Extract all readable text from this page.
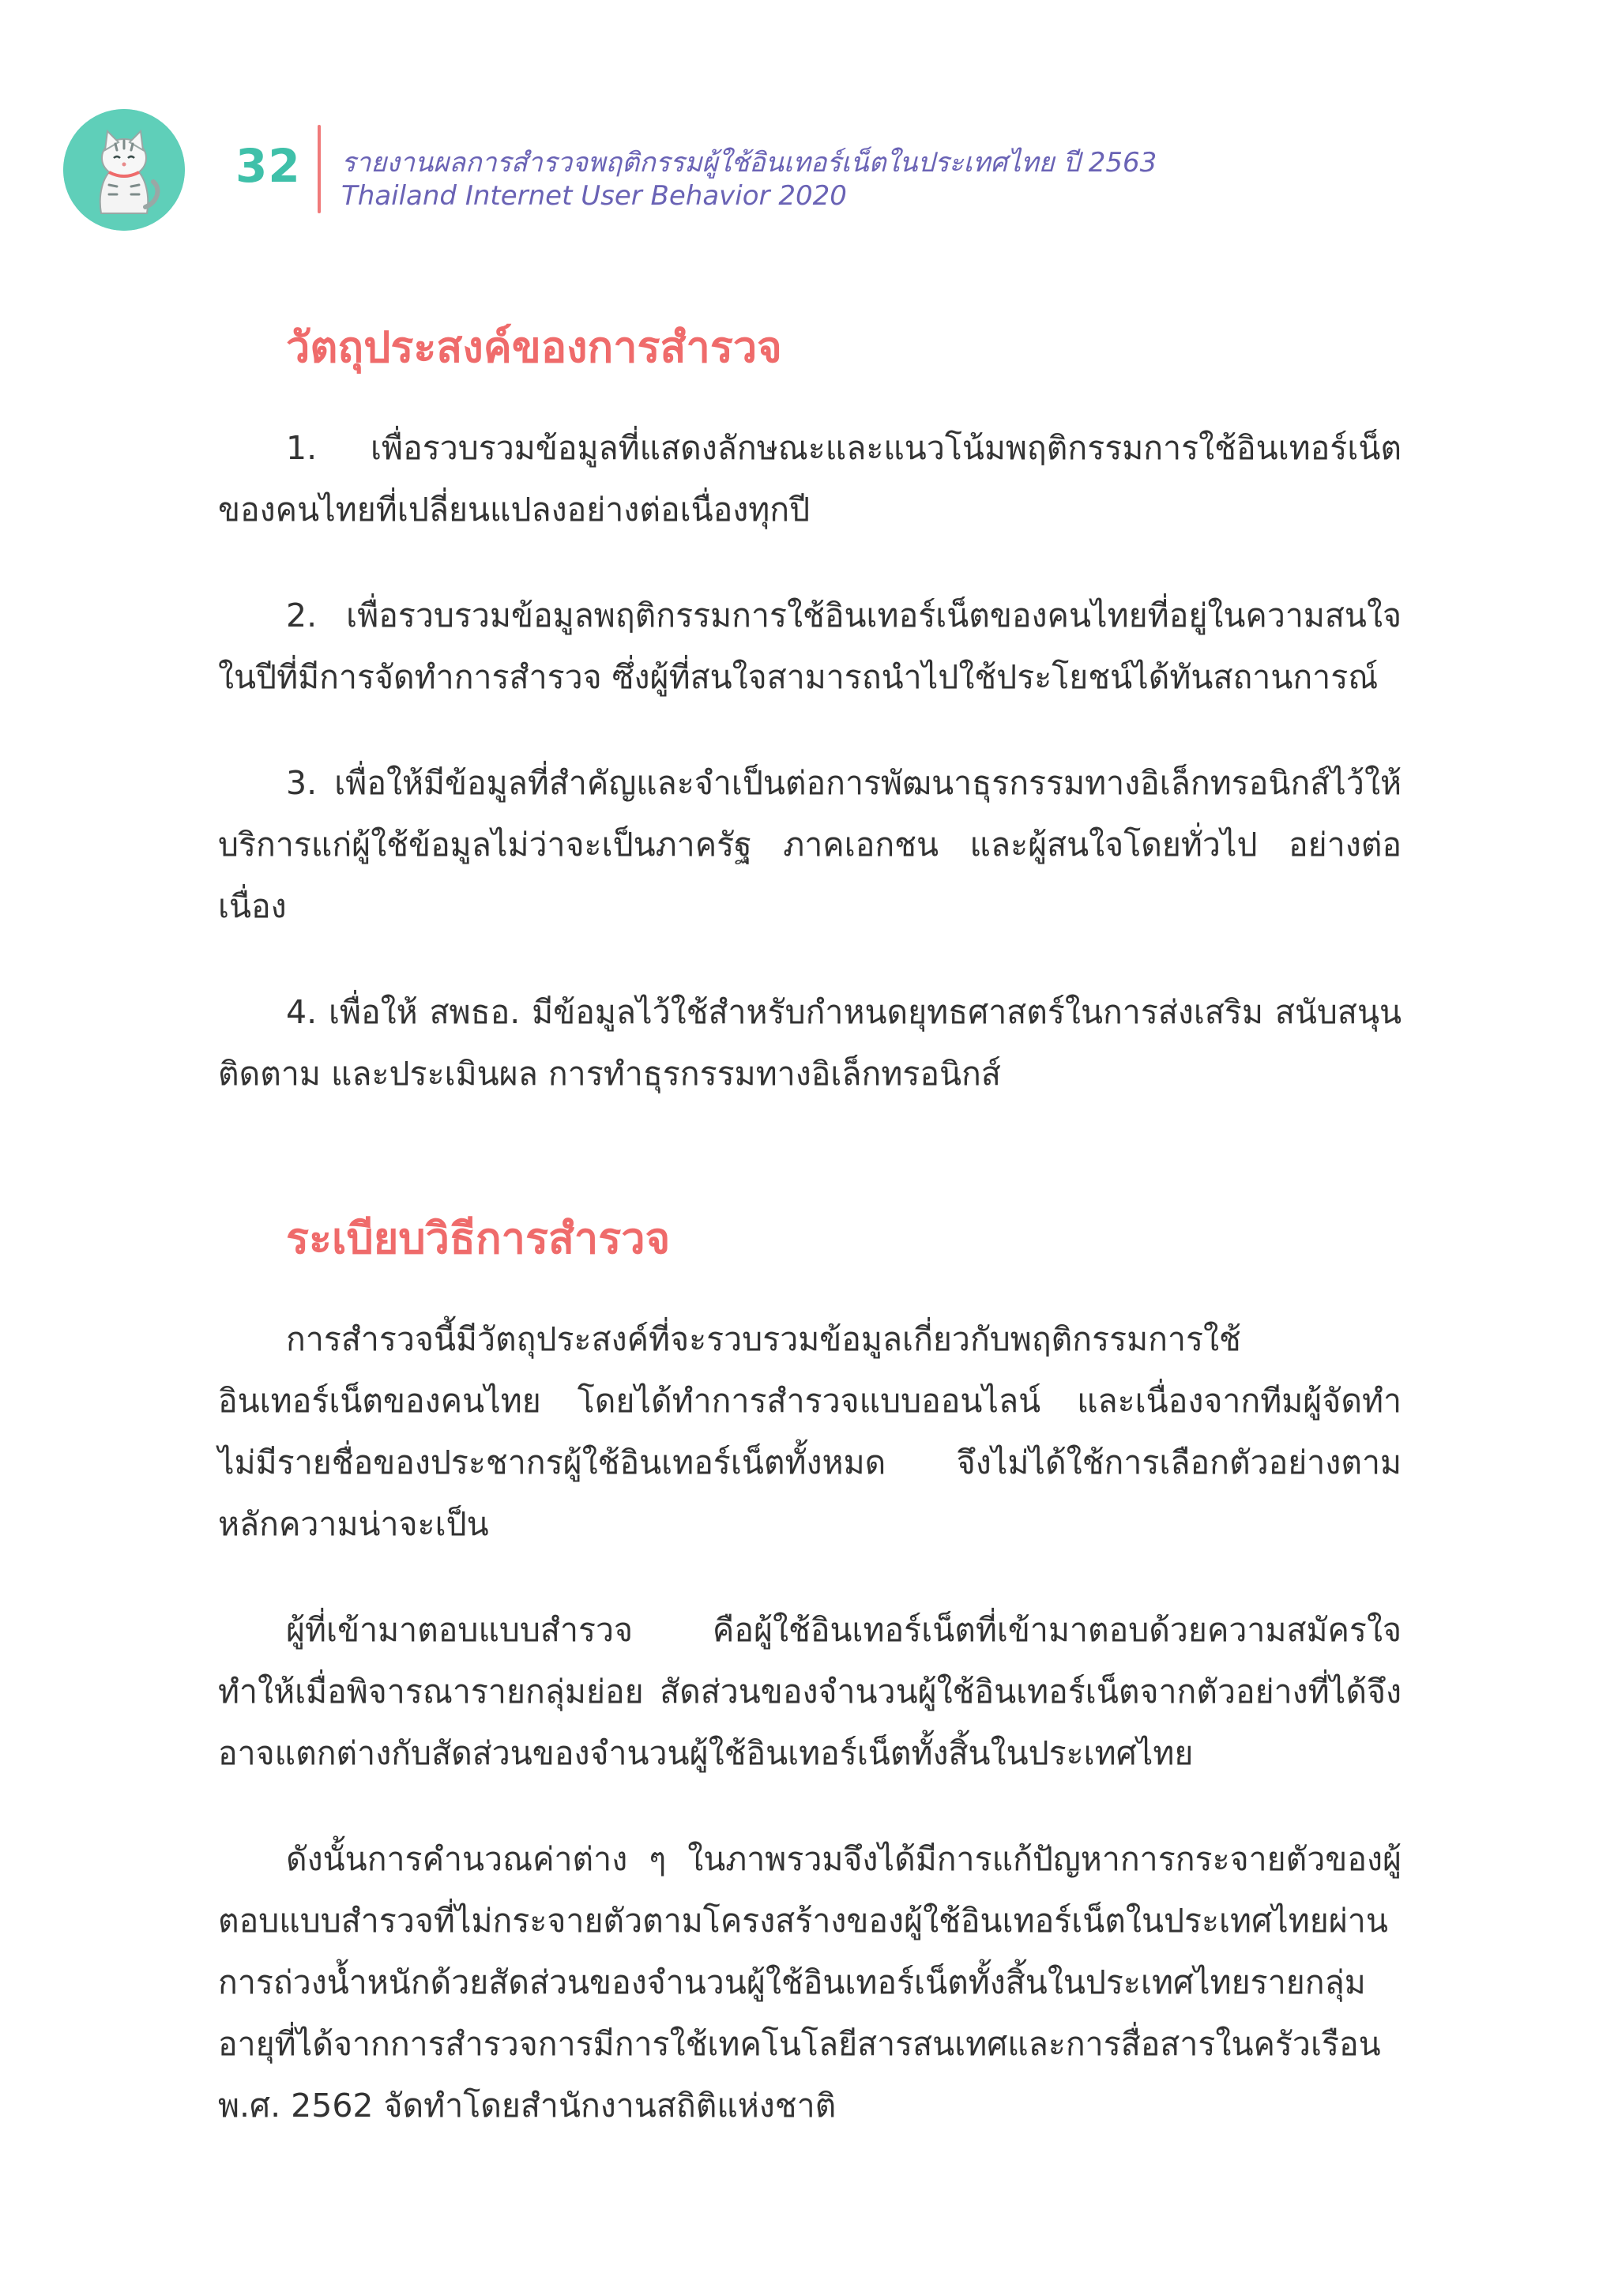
32 รายงานผลการสำรวจพฤติกรรมผู้ใช้อินเทอร์เน็ตในประเทศไทย ปี 2563
Thailand Internet User Behavior 2020
วัตถุประสงค์ของการสำรวจ

1. เพื่อรวบรวมข้อมูลที่แสดงลักษณะและแนวโน้มพฤติกรรมการใช้อินเทอร์เน็ตของคนไทยที่เปลี่ยนแปลงอย่างต่อเนื่องทุกปี

2. เพื่อรวบรวมข้อมูลพฤติกรรมการใช้อินเทอร์เน็ตของคนไทยที่อยู่ในความสนใจในปีที่มีการจัดทำการสำรวจ ซึ่งผู้ที่สนใจสามารถนำไปใช้ประโยชน์ได้ทันสถานการณ์

3. เพื่อให้มีข้อมูลที่สำคัญและจำเป็นต่อการพัฒนาธุรกรรมทางอิเล็กทรอนิกส์ไว้ให้บริการแก่ผู้ใช้ข้อมูลไม่ว่าจะเป็นภาครัฐ ภาคเอกชน และผู้สนใจโดยทั่วไป อย่างต่อเนื่อง

4. เพื่อให้ สพธอ. มีข้อมูลไว้ใช้สำหรับกำหนดยุทธศาสตร์ในการส่งเสริม สนับสนุน ติดตาม และประเมินผล การทำธุรกรรมทางอิเล็กทรอนิกส์

ระเบียบวิธีการสำรวจ

การสำรวจนี้มีวัตถุประสงค์ที่จะรวบรวมข้อมูลเกี่ยวกับพฤติกรรมการใช้อินเทอร์เน็ตของคนไทย โดยได้ทำการสำรวจแบบออนไลน์ และเนื่องจากทีมผู้จัดทำไม่มีรายชื่อของประชากรผู้ใช้อินเทอร์เน็ตทั้งหมด จึงไม่ได้ใช้การเลือกตัวอย่างตามหลักความน่าจะเป็น

ผู้ที่เข้ามาตอบแบบสำรวจ คือผู้ใช้อินเทอร์เน็ตที่เข้ามาตอบด้วยความสมัครใจ ทำให้เมื่อพิจารณารายกลุ่มย่อย สัดส่วนของจำนวนผู้ใช้อินเทอร์เน็ตจากตัวอย่างที่ได้จึงอาจแตกต่างกับสัดส่วนของจำนวนผู้ใช้อินเทอร์เน็ตทั้งสิ้นในประเทศไทย

ดังนั้นการคำนวณค่าต่าง ๆ ในภาพรวมจึงได้มีการแก้ปัญหาการกระจายตัวของผู้ตอบแบบสำรวจที่ไม่กระจายตัวตามโครงสร้างของผู้ใช้อินเทอร์เน็ตในประเทศไทยผ่านการถ่วงน้ำหนักด้วยสัดส่วนของจำนวนผู้ใช้อินเทอร์เน็ตทั้งสิ้นในประเทศไทยรายกลุ่มอายุที่ได้จากการสำรวจการมีการใช้เทคโนโลยีสารสนเทศและการสื่อสารในครัวเรือน พ.ศ. 2562 จัดทำโดยสำนักงานสถิติแห่งชาติ
